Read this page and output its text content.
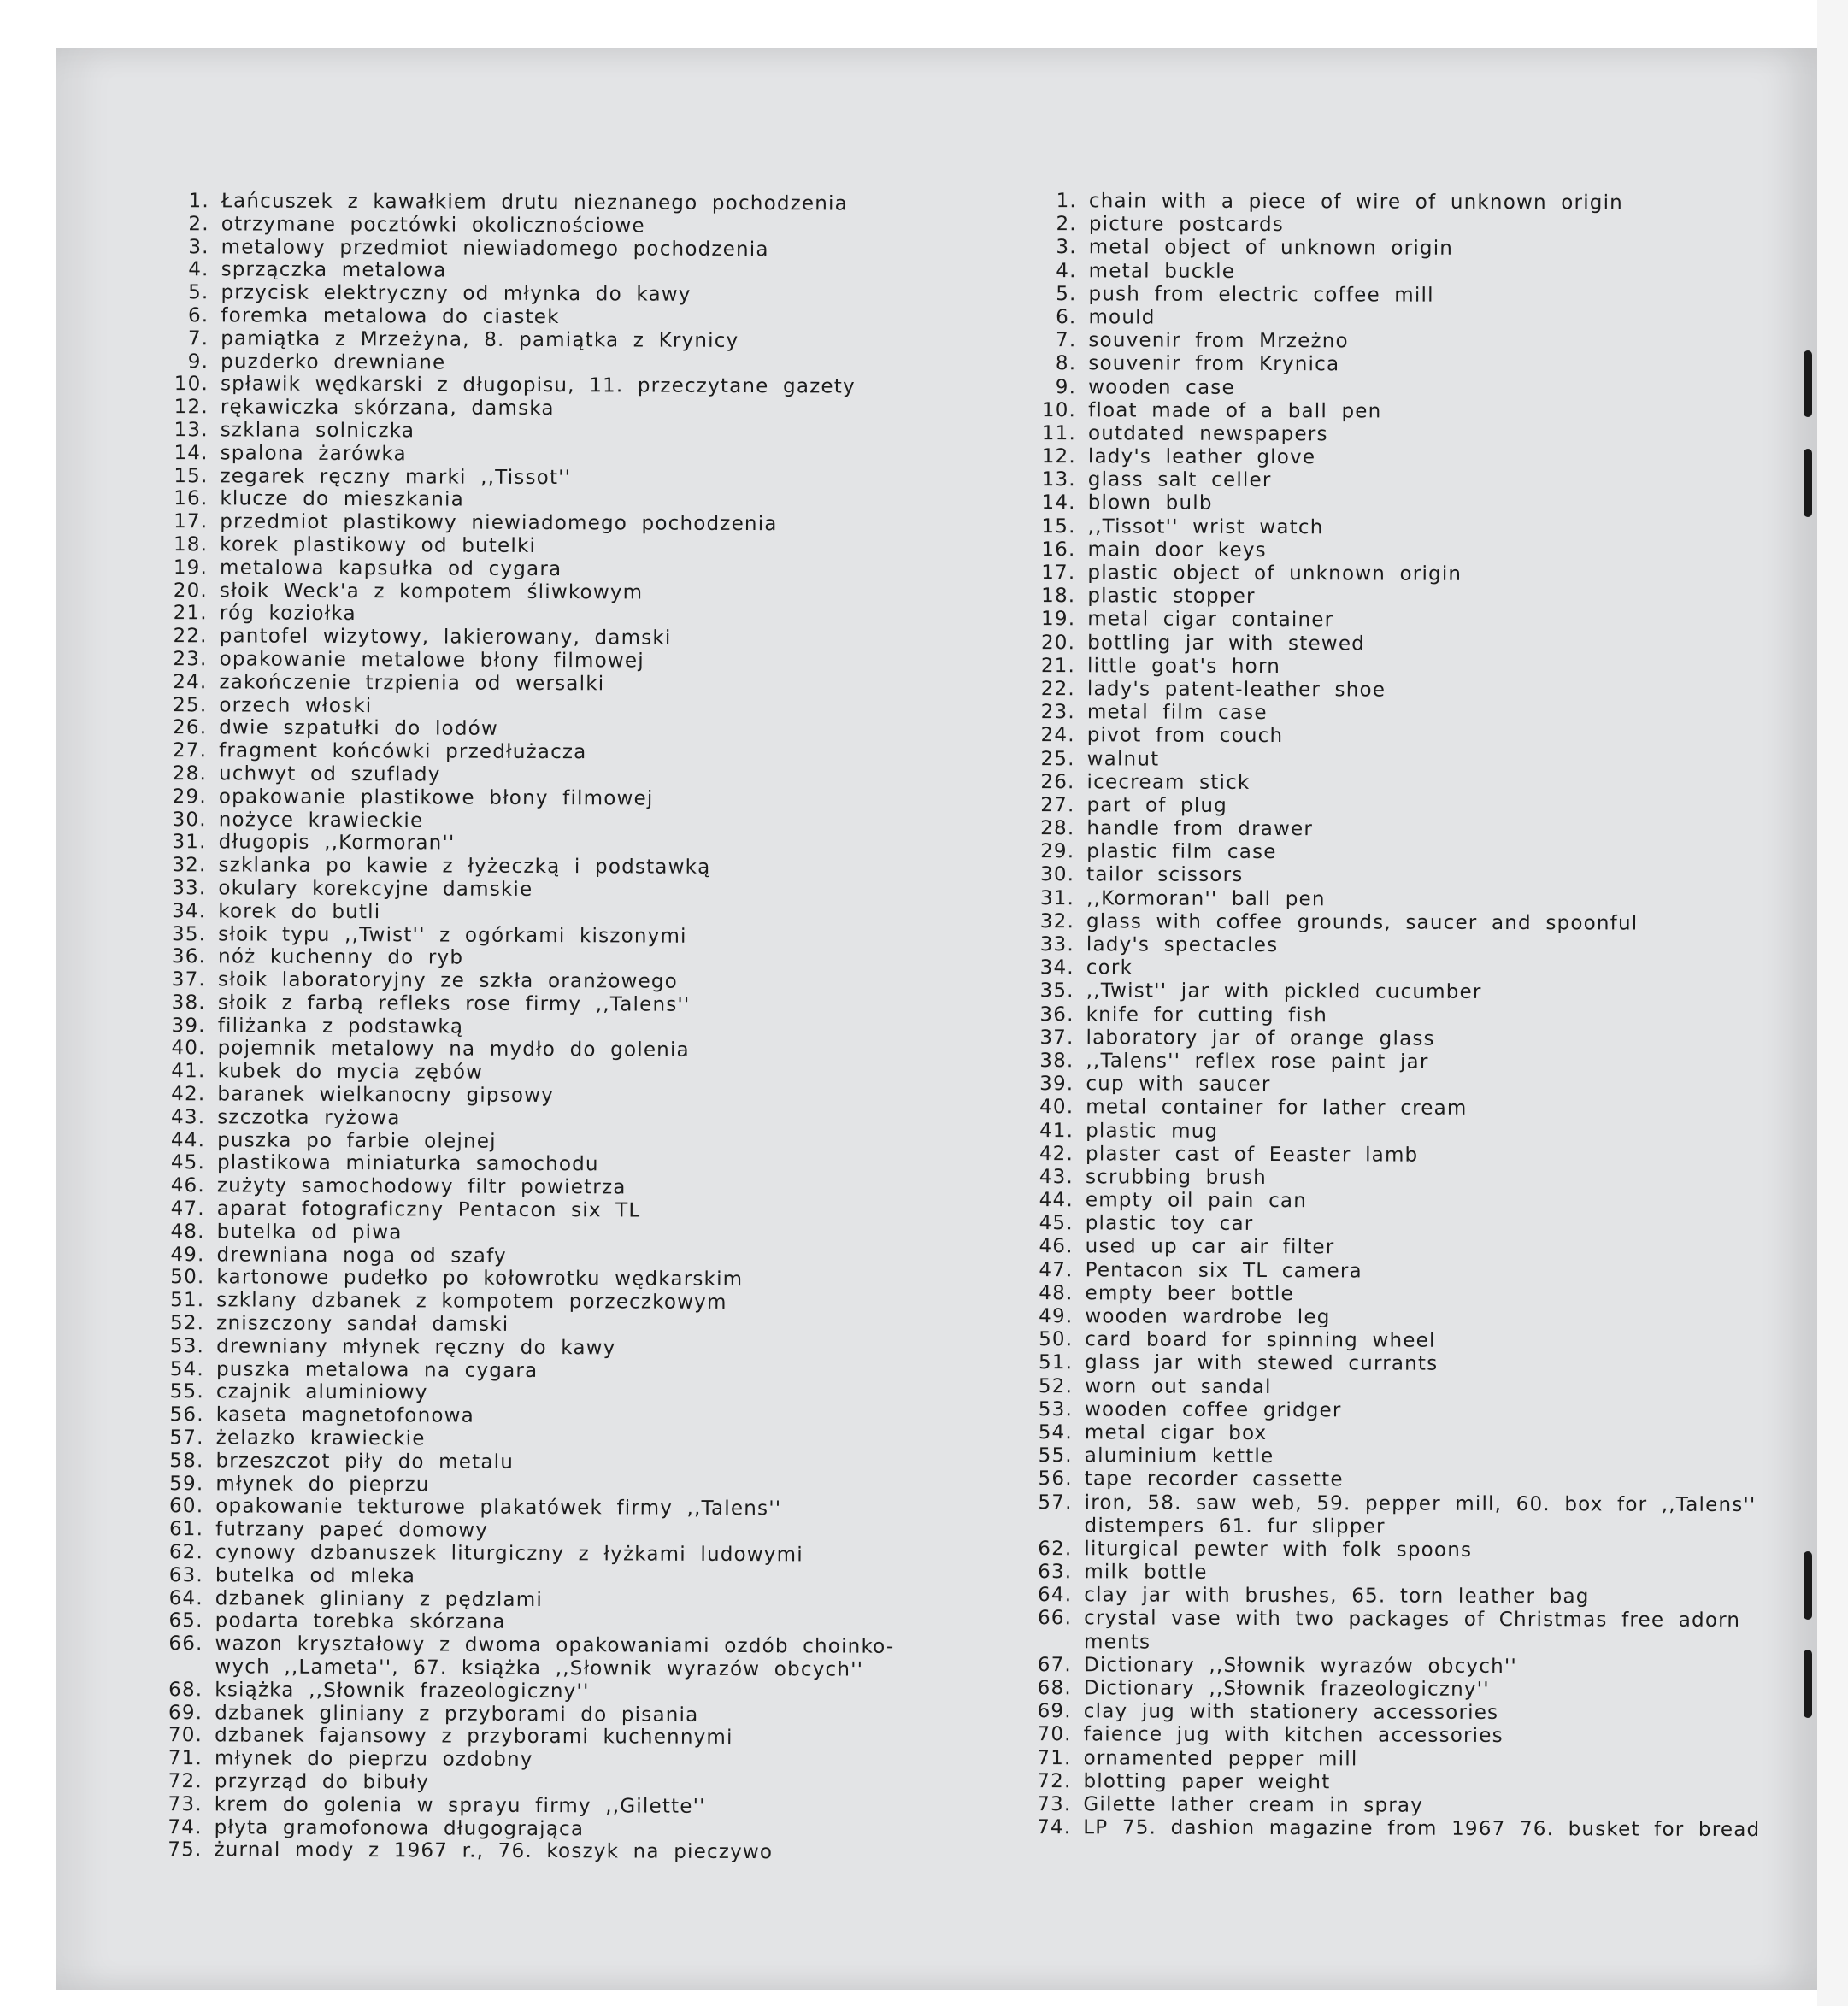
1. Łańcuszek z kawałkiem drutu nieznanego pochodzenia
2. otrzymane pocztówki okolicznościowe
3. metalowy przedmiot niewiadomego pochodzenia
4. sprzączka metalowa
5. przycisk elektryczny od młynka do kawy
6. foremka metalowa do ciastek
7. pamiątka z Mrzeżyna, 8. pamiątka z Krynicy
9. puzderko drewniane
10. spławik wędkarski z długopisu, 11. przeczytane gazety
12. rękawiczka skórzana, damska
13. szklana solniczka
14. spalona żarówka
15. zegarek ręczny marki ,,Tissot''
16. klucze do mieszkania
17. przedmiot plastikowy niewiadomego pochodzenia
18. korek plastikowy od butelki
19. metalowa kapsułka od cygara
20. słoik Weck'a z kompotem śliwkowym
21. róg koziołka
22. pantofel wizytowy, lakierowany, damski
23. opakowanie metalowe błony filmowej
24. zakończenie trzpienia od wersalki
25. orzech włoski
26. dwie szpatułki do lodów
27. fragment końcówki przedłużacza
28. uchwyt od szuflady
29. opakowanie plastikowe błony filmowej
30. nożyce krawieckie
31. długopis ,,Kormoran''
32. szklanka po kawie z łyżeczką i podstawką
33. okulary korekcyjne damskie
34. korek do butli
35. słoik typu ,,Twist'' z ogórkami kiszonymi
36. nóż kuchenny do ryb
37. słoik laboratoryjny ze szkła oranżowego
38. słoik z farbą refleks rose firmy ,,Talens''
39. filiżanka z podstawką
40. pojemnik metalowy na mydło do golenia
41. kubek do mycia zębów
42. baranek wielkanocny gipsowy
43. szczotka ryżowa
44. puszka po farbie olejnej
45. plastikowa miniaturka samochodu
46. zużyty samochodowy filtr powietrza
47. aparat fotograficzny Pentacon six TL
48. butelka od piwa
49. drewniana noga od szafy
50. kartonowe pudełko po kołowrotku wędkarskim
51. szklany dzbanek z kompotem porzeczkowym
52. zniszczony sandał damski
53. drewniany młynek ręczny do kawy
54. puszka metalowa na cygara
55. czajnik aluminiowy
56. kaseta magnetofonowa
57. żelazko krawieckie
58. brzeszczot piły do metalu
59. młynek do pieprzu
60. opakowanie tekturowe plakatówek firmy ,,Talens''
61. futrzany papeć domowy
62. cynowy dzbanuszek liturgiczny z łyżkami ludowymi
63. butelka od mleka
64. dzbanek gliniany z pędzlami
65. podarta torebka skórzana
66. wazon kryształowy z dwoma opakowaniami ozdób choinko-
wych ,,Lameta'', 67. książka ,,Słownik wyrazów obcych''
68. książka ,,Słownik frazeologiczny''
69. dzbanek gliniany z przyborami do pisania
70. dzbanek fajansowy z przyborami kuchennymi
71. młynek do pieprzu ozdobny
72. przyrząd do bibuły
73. krem do golenia w sprayu firmy ,,Gilette''
74. płyta gramofonowa długogrająca
75. żurnal mody z 1967 r., 76. koszyk na pieczywo
1. chain with a piece of wire of unknown origin
2. picture postcards
3. metal object of unknown origin
4. metal buckle
5. push from electric coffee mill
6. mould
7. souvenir from Mrzeżno
8. souvenir from Krynica
9. wooden case
10. float made of a ball pen
11. outdated newspapers
12. lady's leather glove
13. glass salt celler
14. blown bulb
15. ,,Tissot'' wrist watch
16. main door keys
17. plastic object of unknown origin
18. plastic stopper
19. metal cigar container
20. bottling jar with stewed
21. little goat's horn
22. lady's patent-leather shoe
23. metal film case
24. pivot from couch
25. walnut
26. icecream stick
27. part of plug
28. handle from drawer
29. plastic film case
30. tailor scissors
31. ,,Kormoran'' ball pen
32. glass with coffee grounds, saucer and spoonful
33. lady's spectacles
34. cork
35. ,,Twist'' jar with pickled cucumber
36. knife for cutting fish
37. laboratory jar of orange glass
38. ,,Talens'' reflex rose paint jar
39. cup with saucer
40. metal container for lather cream
41. plastic mug
42. plaster cast of Eeaster lamb
43. scrubbing brush
44. empty oil pain can
45. plastic toy car
46. used up car air filter
47. Pentacon six TL camera
48. empty beer bottle
49. wooden wardrobe leg
50. card board for spinning wheel
51. glass jar with stewed currants
52. worn out sandal
53. wooden coffee gridger
54. metal cigar box
55. aluminium kettle
56. tape recorder cassette
57. iron, 58. saw web, 59. pepper mill, 60. box for ,,Talens''
distempers 61. fur slipper
62. liturgical pewter with folk spoons
63. milk bottle
64. clay jar with brushes, 65. torn leather bag
66. crystal vase with two packages of Christmas free adorn
ments
67. Dictionary ,,Słownik wyrazów obcych''
68. Dictionary ,,Słownik frazeologiczny''
69. clay jug with stationery accessories
70. faience jug with kitchen accessories
71. ornamented pepper mill
72. blotting paper weight
73. Gilette lather cream in spray
74. LP 75. dashion magazine from 1967 76. busket for bread
